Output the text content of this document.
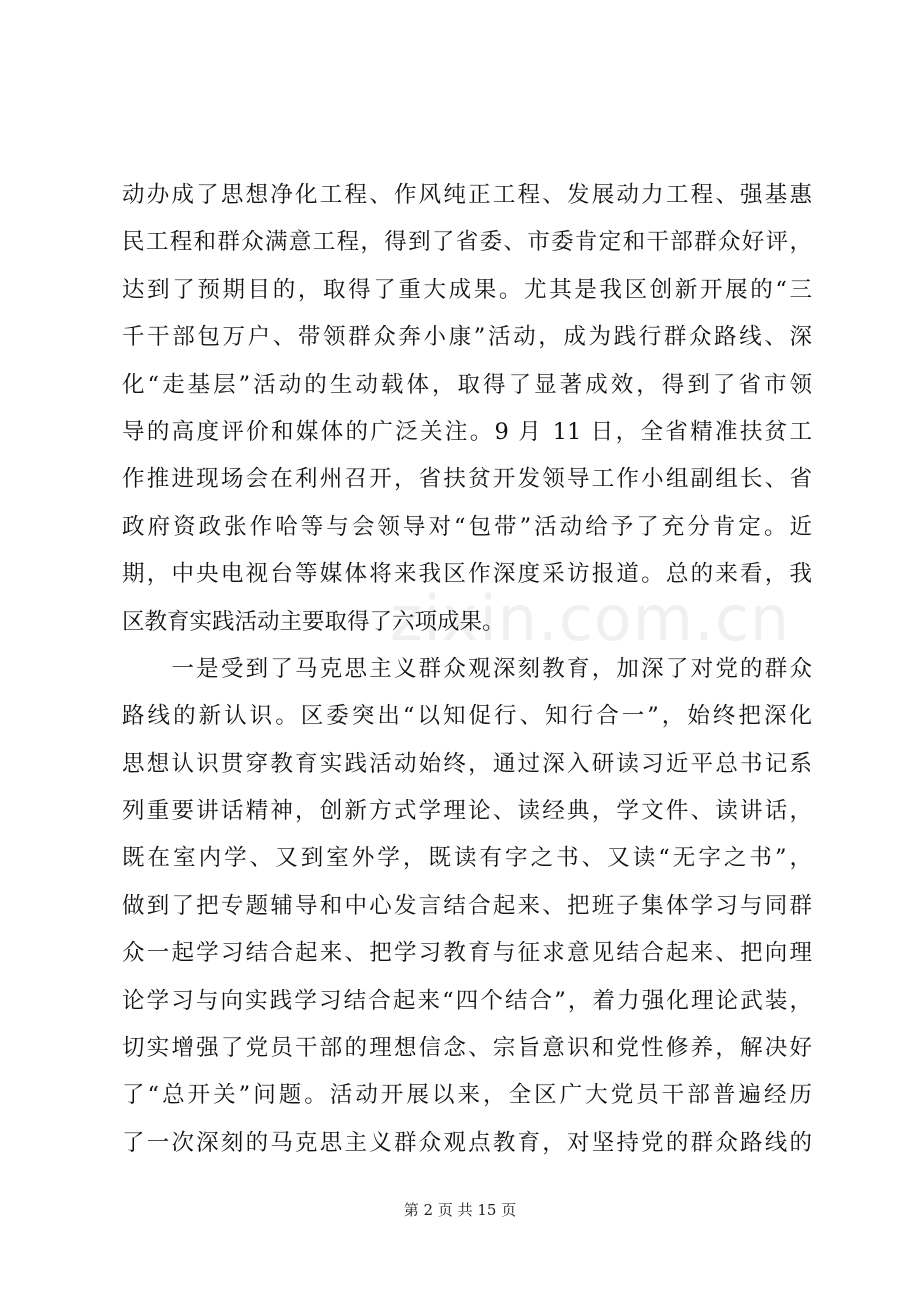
zixin.com.cn
动办成了思想净化工程、作风纯正工程、发展动力工程、强基惠
民工程和群众满意工程，得到了省委、市委肯定和干部群众好评，
达到了预期目的，取得了重大成果。尤其是我区创新开展的“三
千干部包万户、带领群众奔小康”活动，成为践行群众路线、深
化“走基层”活动的生动载体，取得了显著成效，得到了省市领
导的高度评价和媒体的广泛关注。9 月 11 日，全省精准扶贫工
作推进现场会在利州召开，省扶贫开发领导工作小组副组长、省
政府资政张作哈等与会领导对“包带”活动给予了充分肯定。近
期，中央电视台等媒体将来我区作深度采访报道。总的来看，我
区教育实践活动主要取得了六项成果。
　　一是受到了马克思主义群众观深刻教育，加深了对党的群众
路线的新认识。区委突出“以知促行、知行合一”，始终把深化
思想认识贯穿教育实践活动始终，通过深入研读习近平总书记系
列重要讲话精神，创新方式学理论、读经典，学文件、读讲话，
既在室内学、又到室外学，既读有字之书、又读“无字之书”，
做到了把专题辅导和中心发言结合起来、把班子集体学习与同群
众一起学习结合起来、把学习教育与征求意见结合起来、把向理
论学习与向实践学习结合起来“四个结合”，着力强化理论武装，
切实增强了党员干部的理想信念、宗旨意识和党性修养，解决好
了“总开关”问题。活动开展以来，全区广大党员干部普遍经历
了一次深刻的马克思主义群众观点教育，对坚持党的群众路线的
第 2 页 共 15 页
